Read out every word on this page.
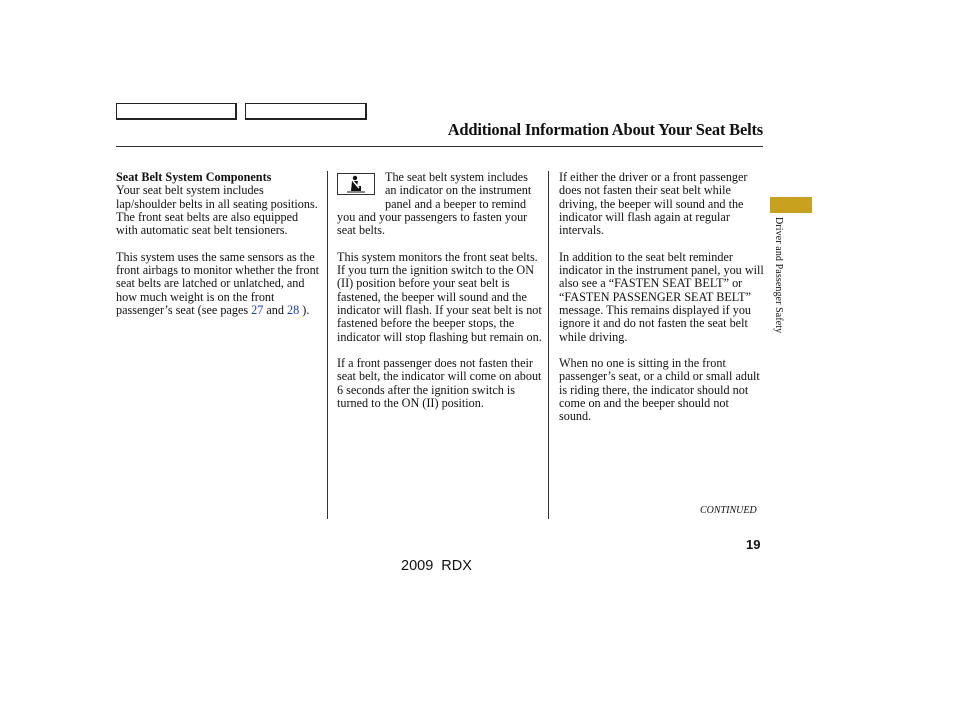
Additional Information About Your Seat Belts
Seat Belt System Components

Your seat belt system includes lap/shoulder belts in all seating positions. The front seat belts are also equipped with automatic seat belt tensioners.

This system uses the same sensors as the front airbags to monitor whether the front seat belts are latched or unlatched, and how much weight is on the front passenger’s seat (see pages 27 and 28 ).

The seat belt system includes an indicator on the instrument panel and a beeper to remind you and your passengers to fasten your seat belts.

This system monitors the front seat belts. If you turn the ignition switch to the ON (II) position before your seat belt is fastened, the beeper will sound and the indicator will flash. If your seat belt is not fastened before the beeper stops, the indicator will stop flashing but remain on.

If a front passenger does not fasten their seat belt, the indicator will come on about 6 seconds after the ignition switch is turned to the ON (II) position.

If either the driver or a front passenger does not fasten their seat belt while driving, the beeper will sound and the indicator will flash again at regular intervals.

In addition to the seat belt reminder indicator in the instrument panel, you will also see a “FASTEN SEAT BELT” or “FASTEN PASSENGER SEAT BELT” message. This remains displayed if you ignore it and do not fasten the seat belt while driving.

When no one is sitting in the front passenger’s seat, or a child or small adult is riding there, the indicator should not come on and the beeper should not sound.

CONTINUED
19
2009 RDX
Driver and Passenger Safety
